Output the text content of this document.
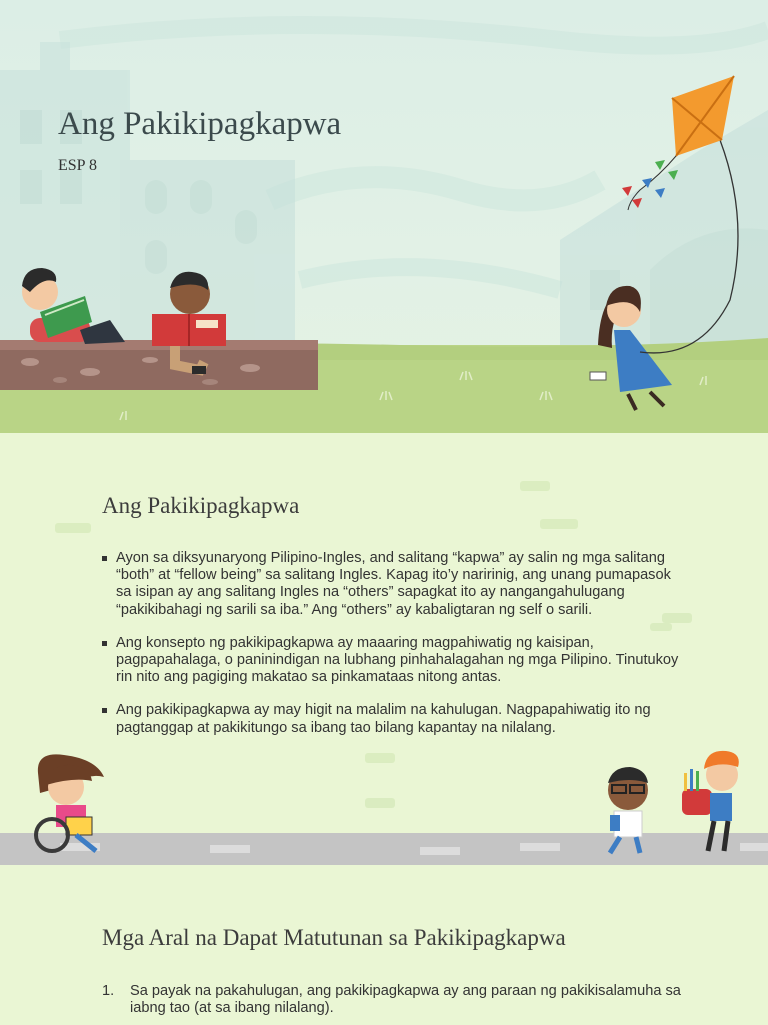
Ang Pakikipagkapwa

ESP 8

Ang Pakikipagkapwa
Ayon sa diksyunaryong Pilipino-Ingles, and salitang “kapwa” ay salin ng mga salitang “both” at “fellow being” sa salitang Ingles. Kapag ito’y naririnig, ang unang pumapasok sa isipan ay ang salitang Ingles na “others” sapagkat ito ay nangangahulugang “pakikibahagi ng sarili sa iba.” Ang “others” ay kabaligtaran ng self o sarili.
Ang konsepto ng pakikipagkapwa ay maaaring magpahiwatig ng kaisipan, pagpapahalaga, o paninindigan na lubhang pinhahalagahan ng mga Pilipino. Tinutukoy rin nito ang pagiging makatao sa pinkamataas nitong antas.
Ang pakikipagkapwa ay may higit na malalim na kahulugan. Nagpapahiwatig ito ng pagtanggap at pakikitungo sa ibang tao bilang kapantay na nilalang.
Mga Aral na Dapat Matutunan sa Pakikipagkapwa
1. Sa payak na pakahulugan, ang pakikipagkapwa ay ang paraan ng pakikisalamuha sa iabng tao (at sa ibang nilalang).
